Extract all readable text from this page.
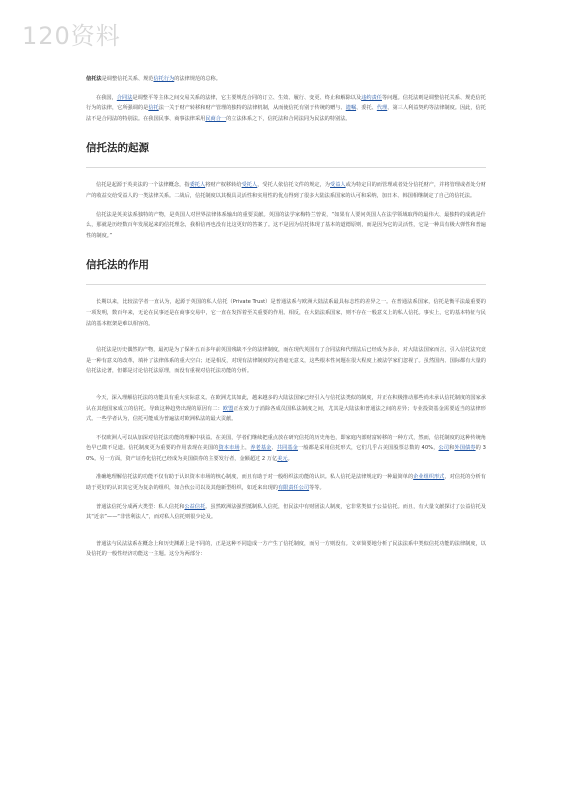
120资料

信托法是调整信托关系、规范信托行为的法律规范的总称。

在我国，合同法是调整平等主体之间交易关系的法律，它主要规范合同的订立、生效、履行、变更、终止和解除以及违约责任等问题。信托法则是调整信托关系、规范信托行为的法律，它所强调的是信托法一关于财产转移和财产管理的独特的法律机制，从而使信托有别于传统的赠与、遗嘱、委托、代理、第三人利益契约等法律制度。因此，信托法不是合同法的特别法。在我国民事、商事法律采用民商合一的立法体系之下，信托法和合同法同为民法的特别法。

信托法的起源

信托是起源于英美法的一个法律概念，指委托人将财产权移转给受托人，受托人依信托文件的规定，为受益人或为特定目的而管理或者处分信托财产，并将管理或者处分财产的收益交给受益人的一类法律关系。二战后，信托制度以其极具灵活性和实用性的优点得到了很多大陆法系国家的认可和采纳，加日本、韩国相继制定了自己的信托法。

信托法是英美法系独特的产物，是英国人对世界法律体系输出的重要贡献。英国的法学家梅特兰曾说，“如果有人要问英国人在法学领域取得的最伟大、最独特的成就是什么，那就是历经数百年发展起来的信托理念，我相信再也没有比这更好的答案了。这不是因为信托体现了基本的道德原则，而是因为它的灵活性，它是一种具有极大弹性和普遍性的制度。”

信托法的作用

长期以来，比较法学者一直认为，起源于英国的私人信托（Private Trust）是普通法系与欧洲大陆法系最具标志性的差异之一。在普通法系国家，信托是衡平法最重要的一项发明，数百年来，无论在民事还是在商事交易中，它一直在发挥着至关重要的作用。相反，在大陆法系国家，则不存在一般意义上的私人信托。事实上，它的基本特征与民法的基本框架是难以相容的。

信托法是历史偶然的产物，最初是为了保补五百多年前英国残缺不全的法律制度，而在现代英国有了合同法和代理法后已经成为多余，对大陆法国家而言，引入信托法究竟是一种有意义的改革，填补了法律体系的重大空白；还是相反，对现有法律制度的完善毫无意义，这些根本性问题在很大程度上被法学家们忽视了。虽然国内、国际都有大量的信托法论著，但都是讨论信托法原理，而没有重视对信托法功能的分析。

今天，深入理解信托法的功能具有重大实际意义。在欧洲尤其如此，越来越多的大陆法国家已经引入与信托法类似的制度，并正在积极推动那些尚未承认信托制度的国家承认在其他国家成立的信托。导致这种趋势出现的原因有二：欧盟正在致力于消除各成员国私法制度之间，尤其是大陆法和普通法之间的差异；专业投资基金需要适当的法律形式。一些学者认为，信托可能成为普遍法对欧洲私法的最大贡献。

不仅欧洲人可以从加深对信托法功能的理解中获益。在美国，学者们继续把重点放在研究信托的历史角色，即家庭内部财富转移的一种方式，然而，信托制度的这种传统角色早已微不足道。信托制度更为重要的作用表现在美国的资本市场上，养老基金、共同基金一般都是采用信托形式，它们几乎占美国股票总数的 40%，公司和外国债券的 30%。另一方面，资产证券化信托已经成为美国债券的主要发行者，金额超过 2 万亿美元。

准确地理解信托法的功能不仅有助于认识资本市场的核心制度，而且有助于对一般组织法功能的认识。私人信托是法律规定的一种最简单的企业组织形式，对信托的分析有助于更好的认识其它更为复杂的组织，如合伙公司以及其他新型组织，如近来出现的有限责任公司等等。

普通法信托分成两大类型：私人信托和公益信托。虽然欧洲法强烈抵制私人信托，但民法中有财团法人制度，它非常类似于公益信托。而且，有大量文献探讨了公益信托及其“近亲”——“非营利法人”，而对私人信托则很少论及。

普通法与民法法系在概念上和历史渊源上是不同的，正是这种不同造成一方产生了信托制度，而另一方则没有。文章简要地分析了民法法系中类似信托功能的法律制度，以及信托的一般性经济功能这一主题。这分为两部分：
